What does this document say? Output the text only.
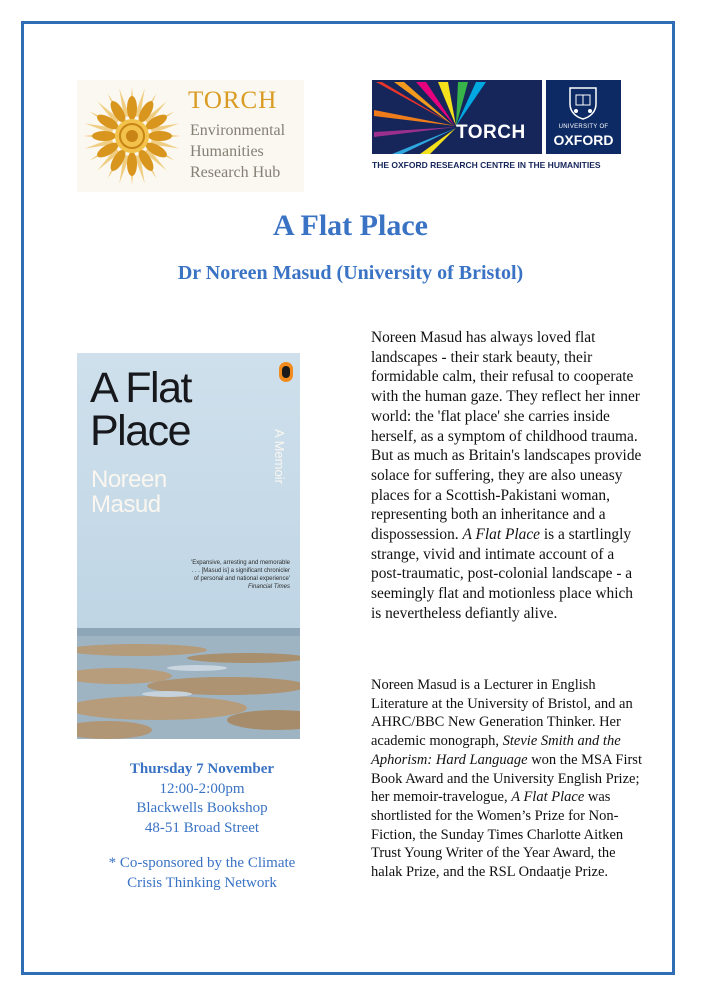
TORCH
Environmental
Humanities
Research Hub
TORCH	UNIVERSITY OF
OXFORD
THE OXFORD RESEARCH CENTRE IN THE HUMANITIES
A Flat Place
Dr Noreen Masud (University of Bristol)
A Flat
Place
Noreen
Masud
A Memoir
'Expansive, arresting and memorable . . . [Masud is] a significant chronicler of personal and national experience'
Financial Times
Thursday 7 November
12:00-2:00pm
Blackwells Bookshop
48-51 Broad Street
* Co-sponsored by the Climate
Crisis Thinking Network
Noreen Masud has always loved flat landscapes - their stark beauty, their formidable calm, their refusal to cooperate with the human gaze. They reflect her inner world: the 'flat place' she carries inside herself, as a symptom of childhood trauma. But as much as Britain's landscapes provide solace for suffering, they are also uneasy places for a Scottish-Pakistani woman, representing both an inheritance and a dispossession. A Flat Place is a startlingly strange, vivid and intimate account of a post-traumatic, post-colonial landscape - a seemingly flat and motionless place which is nevertheless defiantly alive.
Noreen Masud is a Lecturer in English Literature at the University of Bristol, and an AHRC/BBC New Generation Thinker. Her academic monograph, Stevie Smith and the Aphorism: Hard Language won the MSA First Book Award and the University English Prize; her memoir-travelogue, A Flat Place was shortlisted for the Women’s Prize for Non-Fiction, the Sunday Times Charlotte Aitken Trust Young Writer of the Year Award, the halak Prize, and the RSL Ondaatje Prize.
